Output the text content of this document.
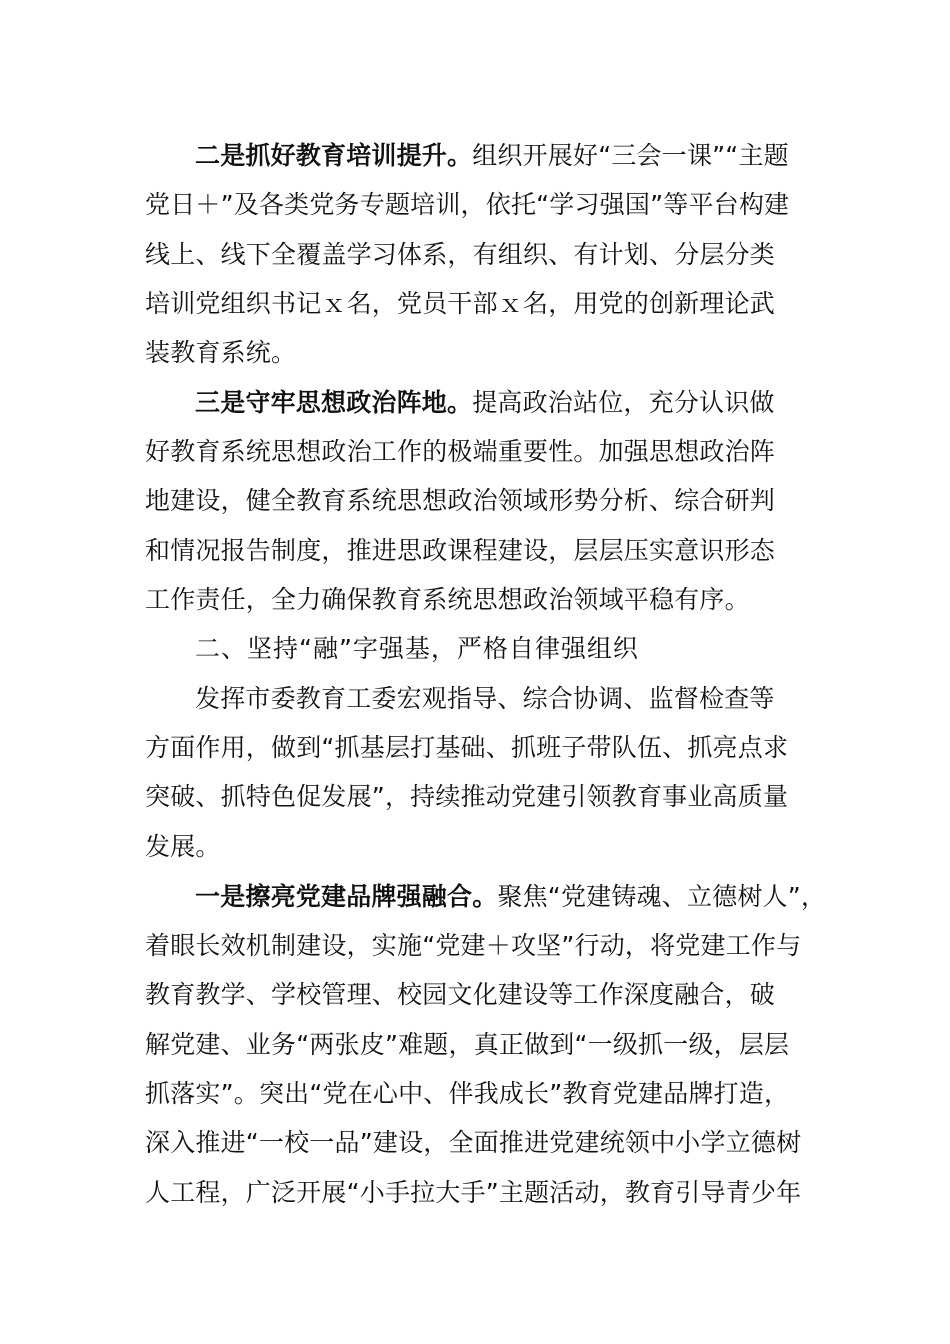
二是抓好教育培训提升。组织开展好“三会一课”“主题
党日＋”及各类党务专题培训，依托“学习强国”等平台构建
线上、线下全覆盖学习体系，有组织、有计划、分层分类
培训党组织书记ｘ名，党员干部ｘ名，用党的创新理论武
装教育系统。
三是守牢思想政治阵地。提高政治站位，充分认识做
好教育系统思想政治工作的极端重要性。加强思想政治阵
地建设，健全教育系统思想政治领域形势分析、综合研判
和情况报告制度，推进思政课程建设，层层压实意识形态
工作责任，全力确保教育系统思想政治领域平稳有序。
二、坚持“融”字强基，严格自律强组织
发挥市委教育工委宏观指导、综合协调、监督检查等
方面作用，做到“抓基层打基础、抓班子带队伍、抓亮点求
突破、抓特色促发展”，持续推动党建引领教育事业高质量
发展。
一是擦亮党建品牌强融合。聚焦“党建铸魂、立德树人”，
着眼长效机制建设，实施“党建＋攻坚”行动，将党建工作与
教育教学、学校管理、校园文化建设等工作深度融合，破
解党建、业务“两张皮”难题，真正做到“一级抓一级，层层
抓落实”。突出“党在心中、伴我成长”教育党建品牌打造，
深入推进“一校一品”建设，全面推进党建统领中小学立德树
人工程，广泛开展“小手拉大手”主题活动，教育引导青少年
